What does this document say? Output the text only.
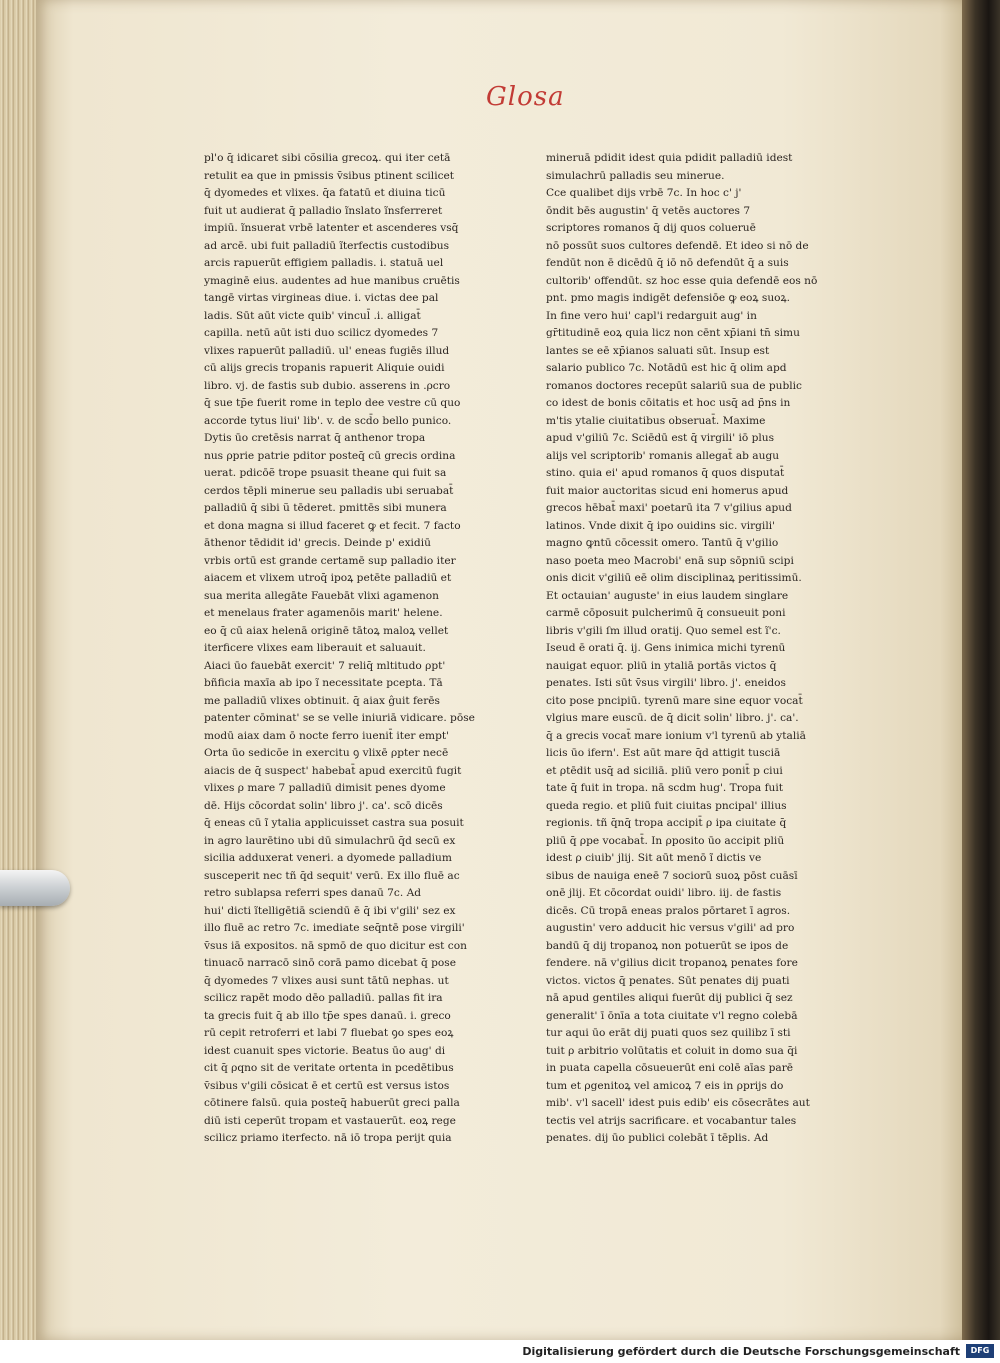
Glosa
pl'o q̄ idicaret sibi cõsilia grecoꝝ. qui iter cetā
retulit ea que in pmissis v̄sibus ptinent scilicet
q̄ dyomedes et vlixes. q̄a fatatū et diuina ticū
fuit ut audierat q̄ palladio ĩnslato ĩnsferreret
impiū. ĩnsuerat vrbē latenter et ascenderes vsq̄
ad arcē. ubi fuit palladiū ĩterfectis custodibus
arcis rapuerūt effigiem palladis. i. statuā uel
ymaginē eius. audentes ad hue manibus cruētis
tangē virtas virgineas diue. i. victas dee pal
ladis. Sūt aūt victe quib' vincul̄ .i. alligat̄
capilla. netū aūt isti duo scilicz dyomedes 7
vlixes rapuerūt palladiū. ul' eneas fugiēs illud
cū alijs grecis tropanis rapuerit Aliquie ouidi
libro. vj. de fastis sub dubio. asserens in .ρcro
q̄ sue tp̄e fuerit rome in teplo dee vestre cū quo
accorde tytus liui' lib'. v. de scd̄o bello punico.
Dytis ūo cretēsis narrat q̄ anthenor tropa
nus ρprie patrie pditor posteq̄ cū grecis ordina
uerat. pdicōẽ trope psuasit theane qui fuit sa
cerdos tēpli minerue seu palladis ubi seruabat̄
palladiū q̄ sibi ũ tēderet. pmittēs sibi munera
et dona magna si illud faceret ꝙ et fecit. 7 facto
āthenor tēdidit id' grecis. Deinde p' exidiū
vrbis ortū est grande certamē sup palladio iter
aiacem et vlixem utroq̄ ipoꝝ petēte palladiū et
sua merita allegāte Fauebāt vlixi agamenon
et menelaus frater agamenōis marit' helene.
eo q̄ cū aiax helenā originē tātoꝝ maloꝝ vellet
iterficere vlixes eam liberauit et saluauit.
Aiaci ūo fauebāt exercit' 7 reliq̄ mltitudo ρpt'
bñficia maxīa ab ipo ĩ necessitate pcepta. Tā
me palladiū vlixes obtinuit. q̄ aiax ĝuit ferēs
patenter cōminat' se se velle iniuriā vidicare. pōse
modū aiax dam ō nocte ferro iuenit̄ iter empt'
Orta ūo sedicōe in exercitu ꝯ vlixē ρpter necē
aiacis de q̄ suspect' habebat̄ apud exercitū fugit
vlixes ρ mare 7 palladiū dimisit penes dyome
dē. Hijs cōcordat solin' libro j'. ca'. scō dicēs
q̄ eneas cū ĩ ytalia applicuisset castra sua posuit
in agro laurētino ubi dū simulachrū q̄d secū ex
sicilia adduxerat veneri. a dyomede palladium
susceperit nec tñ q̄d sequit' verū. Ex illo fluē ac
retro sublapsa referri spes danaū 7c. Ad
hui' dicti ĩtelligētiā sciendū ē q̄ ibi v'gili' sez ex
illo fluē ac retro 7c. imediate seq̄ntē pose virgili'
v̄sus iā expositos. nā spmō de quo dicitur est con
tinuacō narracō sinō corā pamo dicebat q̄ pose
q̄ dyomedes 7 vlixes ausi sunt tātū nephas. ut
scilicz rapēt modo dēo palladiū. pallas fit ira
ta grecis fuit q̄ ab illo tp̄e spes danaū. i. greco
rū cepit retroferri et labi 7 fluebat ꝯo spes eoꝝ
idest cuanuit spes victorie. Beatus ūo aug' di
cit q̄ ρqno sit de veritate ortenta in pcedētibus
v̄sibus v'gili cōsicat ē et certū est versus istos
cōtinere falsū. quia posteq̄ habuerūt greci palla
diū isti ceperūt tropam et vastauerūt. eoꝝ rege
scilicz priamo iterfecto. nā iō tropa perijt quia
mineruā pdidit idest quia pdidit palladiū idest
simulachrū palladis seu minerue.
Cce qualibet dijs vrbē 7c. In hoc c' j'
ōndit bēs augustin' q̄ vetēs auctores 7
scriptores romanos q̄ dij quos colueruē
nō possūt suos cultores defendē. Et ideo si nō de
fendūt non ē dicēdū q̄ iō nō defendūt q̄ a suis
cultorib' offendūt. sz hoc esse quia defendē eos nō
pnt. pmo magis indigēt defensiōe ꝙ eoꝝ suoꝝ.
In fine vero hui' capl'i redarguit aug' in
gr̄titudinē eoꝝ quia licz non cēnt xp̄iani tn̄ simu
lantes se eē xp̄ianos saluati sūt. Insup est
salario publico 7c. Notādū est hic q̄ olim apd
romanos doctores recepūt salariū sua de public
co idest de bonis cōitatis et hoc usq̄ ad p̄ns in
m'tis ytalie ciuitatibus obseruat̄. Maxime
apud v'giliū 7c. Sciēdū est q̄ virgili' iō plus
alijs vel scriptorib' romanis allegat̄ ab augu
stino. quia ei' apud romanos q̄ quos disputat̄
fuit maior auctoritas sicud eni homerus apud
grecos hēbat̄ maxi' poetarū ita 7 v'gilius apud
latinos. Vnde dixit q̄ ipo ouidins sic. virgili'
magno ꝙntū cōcessit omero. Tantū q̄ v'gilio
naso poeta meo Macrobi' enā sup sōpniū scipi
onis dicit v'giliū eē olim disciplinaꝝ peritissimū.
Et octauian' auguste' in eius laudem singlare
carmē cōposuit pulcherimū q̄ consueuit poni
libris v'gili ſm illud oratij. Quo semel est ĩ'c.
Iseud ē orati q̄. ij. Gens inimica michi tyrenū
nauigat equor. pliū in ytaliā portās victos q̄
penates. Isti sūt v̄sus virgili' libro. j'. eneidos
cito pose pncipiū. tyrenū mare sine equor vocat̄
vlgius mare euscū. de q̄ dicit solin' libro. j'. ca'.
q̄ a grecis vocat̄ mare ionium v'l tyrenū ab ytaliā
licis ūo ifern'. Est aūt mare q̄d attigit tusciā
et ρtēdit usq̄ ad siciliā. pliū vero ponit̄ p ciui
tate q̄ fuit in tropa. nā scdm hug'. Tropa fuit
queda regio. et pliū fuit ciuitas pncipal' illius
regionis. tñ q̄nq̄ tropa accipit̄ ρ ipa ciuitate q̄
pliū q̄ ρpe vocabat̄. In ρposito ūo accipit pliū
idest ρ ciuib' jlij. Sit aūt menō ĩ dictis ve
sibus de nauiga eneē 7 sociorū suoꝝ pōst cuāsī
onē jlij. Et cōcordat ouidi' libro. iij. de fastis
dicēs. Cū tropā eneas pralos pōrtaret ī agros.
augustin' vero adducit hic versus v'gili' ad pro
bandū q̄ dij tropanoꝝ non potuerūt se ipos de
fendere. nā v'gilius dicit tropanoꝝ penates fore
victos. victos q̄ penates. Sūt penates dij puati
nā apud gentiles aliqui fuerūt dij publici q̄ sez
generalit' ī ōnīa a tota ciuitate v'l regno colebā
tur aqui ūo erāt dij puati quos sez quilibz ī sti
tuit ρ arbitrio volūtatis et coluit in domo sua q̄i
in puata capella cōsueuerūt eni colē aīas parē
tum et ρgenitoꝝ vel amicoꝝ 7 eis in ρprijs do
mib'. v'l sacell' idest puis edib' eis cōsecrātes aut
tectis vel atrijs sacrificare. et vocabantur tales
penates. dij ūo publici colebāt ī tēplis. Ad
Digitalisierung gefördert durch die Deutsche Forschungsgemeinschaft	DFG
